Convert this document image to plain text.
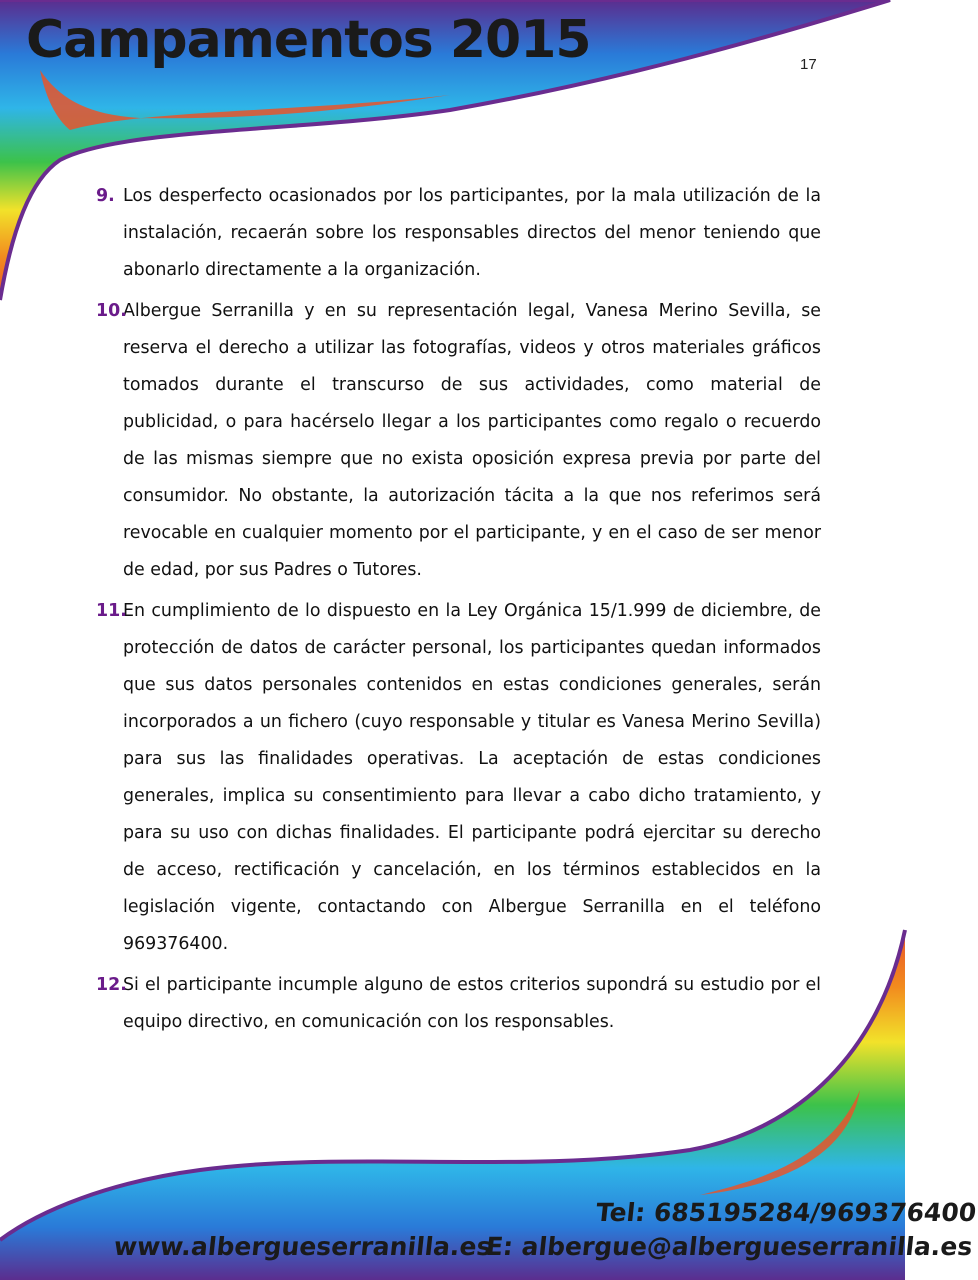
Campamentos 2015	17
9. Los desperfecto ocasionados por los participantes, por la mala utilización de la instalación, recaerán sobre los responsables directos del menor teniendo que abonarlo directamente a la organización.
10.
Albergue Serranilla y en su representación legal, Vanesa Merino Sevilla, se reserva el derecho a utilizar las fotografías, videos y otros materiales gráficos tomados durante el transcurso de sus actividades, como material de publicidad, o para hacérselo llegar a los participantes como regalo o recuerdo de las mismas siempre que no exista oposición expresa previa por parte del consumidor. No obstante, la autorización tácita a la que nos referimos será revocable en cualquier momento por el participante, y en el caso de ser menor de edad, por sus Padres o Tutores.
11.
En cumplimiento de lo dispuesto en la Ley Orgánica 15/1.999 de diciembre, de protección de datos de carácter personal, los participantes quedan informados que sus datos personales contenidos en estas condiciones generales, serán incorporados a un fichero (cuyo responsable y titular es Vanesa Merino Sevilla) para sus las finalidades operativas. La aceptación de estas condiciones generales, implica su consentimiento para llevar a cabo dicho tratamiento, y para su uso con dichas finalidades. El participante podrá ejercitar su derecho de acceso, rectificación y cancelación, en los términos establecidos en la legislación vigente, contactando con Albergue Serranilla en el teléfono 969376400.
12.
Si el participante incumple alguno de estos criterios supondrá su estudio por el equipo directivo, en comunicación con los responsables.
Tel: 685195284/969376400
E: albergue@albergueserranilla.es
www.albergueserranilla.es
